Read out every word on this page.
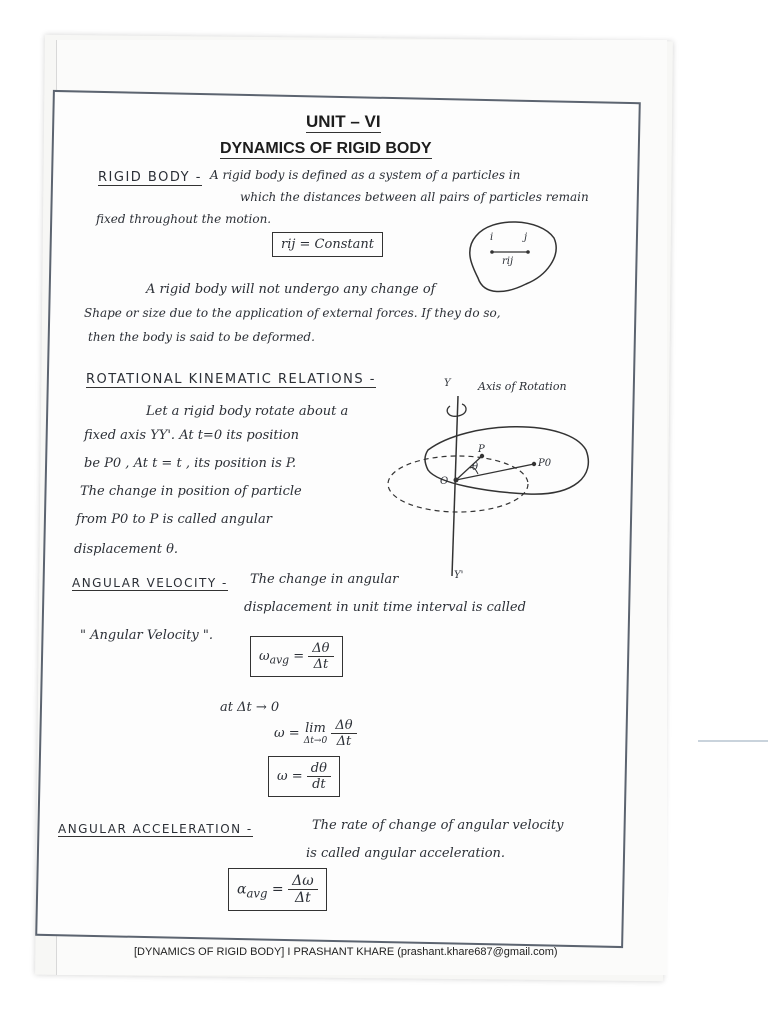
UNIT – VI
DYNAMICS OF RIGID BODY
RIGID BODY - A rigid body is defined as a system of a particles in
which the distances between all pairs of particles remain
fixed throughout the motion.
rij = Constant	i	j
rij
A rigid body will not undergo any change of
Shape or size due to the application of external forces. If they do so,
then the body is said to be deformed.
ROTATIONAL KINEMATIC RELATIONS -
Let a rigid body rotate about a
fixed axis YY'. At t=0 its position
be P0 , At t = t , its position is P.
The change in position of particle
from P0 to P is called angular
displacement θ.
Y Axis of Rotation
P
θ	P0
O
Y'
ANGULAR VELOCITY - The change in angular
displacement in unit time interval is called
" Angular Velocity ".
$\omega_{avg} = \frac{\Delta\theta}{\Delta t}$
at Δt → 0
ω = lim
Δt→0
$\frac{\Delta\theta}{\Delta t}$
$\omega = \frac{d\theta}{dt}$
ANGULAR ACCELERATION -	The rate of change of angular velocity
is called angular acceleration.
$\alpha_{avg} = \frac{\Delta\omega}{\Delta t}$
[DYNAMICS OF RIGID BODY] I PRASHANT KHARE (prashant.khare687@gmail.com)
